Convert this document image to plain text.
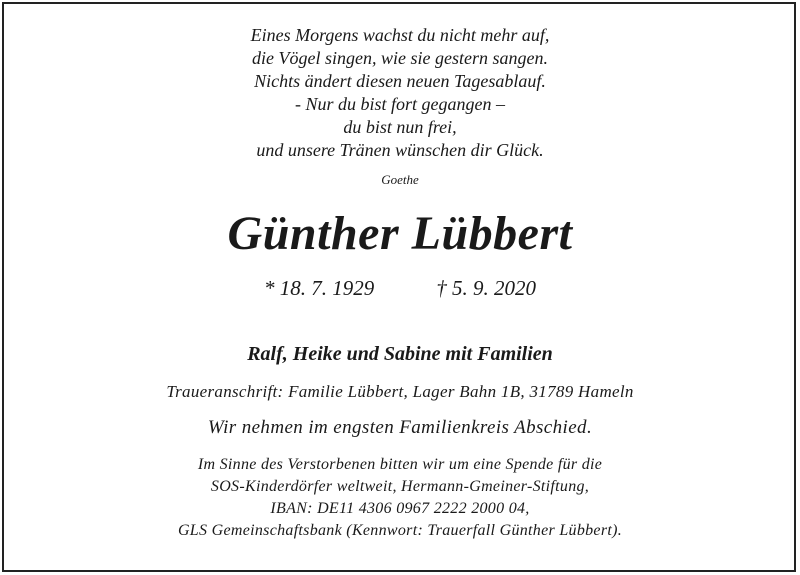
Eines Morgens wachst du nicht mehr auf,
die Vögel singen, wie sie gestern sangen.
Nichts ändert diesen neuen Tagesablauf.
- Nur du bist fort gegangen –
du bist nun frei,
und unsere Tränen wünschen dir Glück.
Goethe
Günther Lübbert
* 18. 7. 1929	† 5. 9. 2020
Ralf, Heike und Sabine mit Familien
Traueranschrift: Familie Lübbert, Lager Bahn 1B, 31789 Hameln
Wir nehmen im engsten Familienkreis Abschied.
Im Sinne des Verstorbenen bitten wir um eine Spende für die
SOS-Kinderdörfer weltweit, Hermann-Gmeiner-Stiftung,
IBAN: DE11 4306 0967 2222 2000 04,
GLS Gemeinschaftsbank (Kennwort: Trauerfall Günther Lübbert).
